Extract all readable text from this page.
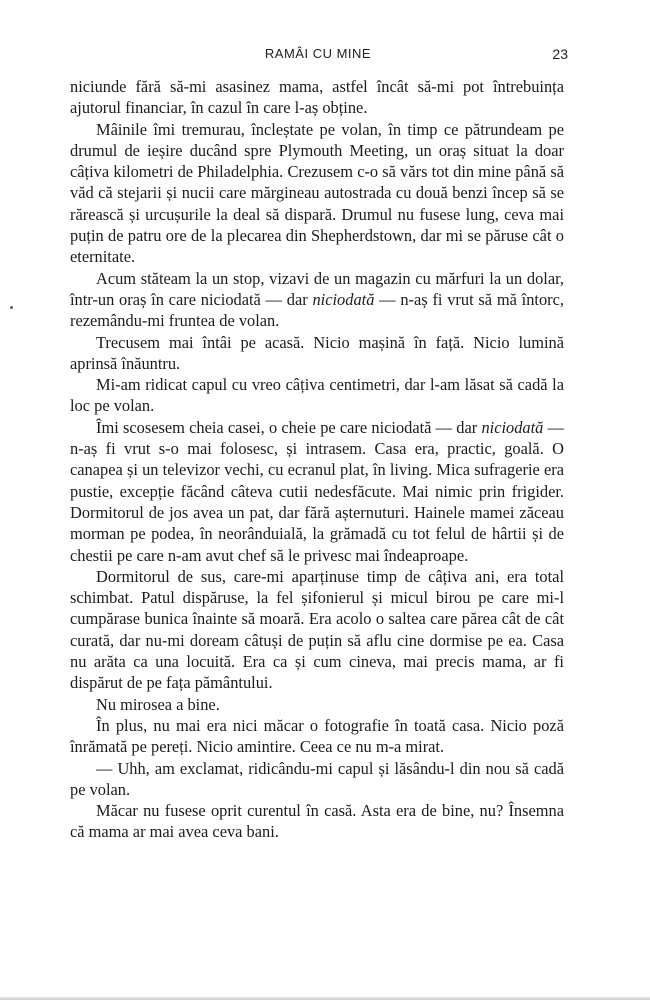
RAMÂI CU MINE	23

niciunde fără să-mi asasinez mama, astfel încât să-mi pot întrebuința ajutorul financiar, în cazul în care l-aș obține.

Mâinile îmi tremurau, încleștate pe volan, în timp ce pătrundeam pe drumul de ieșire ducând spre Plymouth Meeting, un oraș situat la doar câțiva kilometri de Philadelphia. Crezusem c-o să vărs tot din mine până să văd că stejarii și nucii care mărgineau autostrada cu două benzi încep să se rărească și urcușurile la deal să dispară. Drumul nu fusese lung, ceva mai puțin de patru ore de la plecarea din Shepherdstown, dar mi se păruse cât o eternitate.

Acum stăteam la un stop, vizavi de un magazin cu mărfuri la un dolar, într-un oraș în care niciodată — dar niciodată — n-aș fi vrut să mă întorc, rezemându-mi fruntea de volan.

Trecusem mai întâi pe acasă. Nicio mașină în față. Nicio lumină aprinsă înăuntru.

Mi-am ridicat capul cu vreo câțiva centimetri, dar l-am lăsat să cadă la loc pe volan.

Îmi scosesem cheia casei, o cheie pe care niciodată — dar niciodată — n-aș fi vrut s-o mai folosesc, și intrasem. Casa era, practic, goală. O canapea și un televizor vechi, cu ecranul plat, în living. Mica sufragerie era pustie, excepție făcând câteva cutii nedesfăcute. Mai nimic prin frigider. Dormitorul de jos avea un pat, dar fără așternuturi. Hainele mamei zăceau morman pe podea, în neorânduială, la grămadă cu tot felul de hârtii și de chestii pe care n-am avut chef să le privesc mai îndeaproape.

Dormitorul de sus, care-mi aparținuse timp de câțiva ani, era total schimbat. Patul dispăruse, la fel șifonierul și micul birou pe care mi-l cumpărase bunica înainte să moară. Era acolo o saltea care părea cât de cât curată, dar nu-mi doream câtuși de puțin să aflu cine dormise pe ea. Casa nu arăta ca una locuită. Era ca și cum cineva, mai precis mama, ar fi dispărut de pe fața pământului.

Nu mirosea a bine.

În plus, nu mai era nici măcar o fotografie în toată casa. Nicio poză înrămată pe pereți. Nicio amintire. Ceea ce nu m-a mirat.

— Uhh, am exclamat, ridicându-mi capul și lăsându-l din nou să cadă pe volan.

Măcar nu fusese oprit curentul în casă. Asta era de bine, nu? Însemna că mama ar mai avea ceva bani.
